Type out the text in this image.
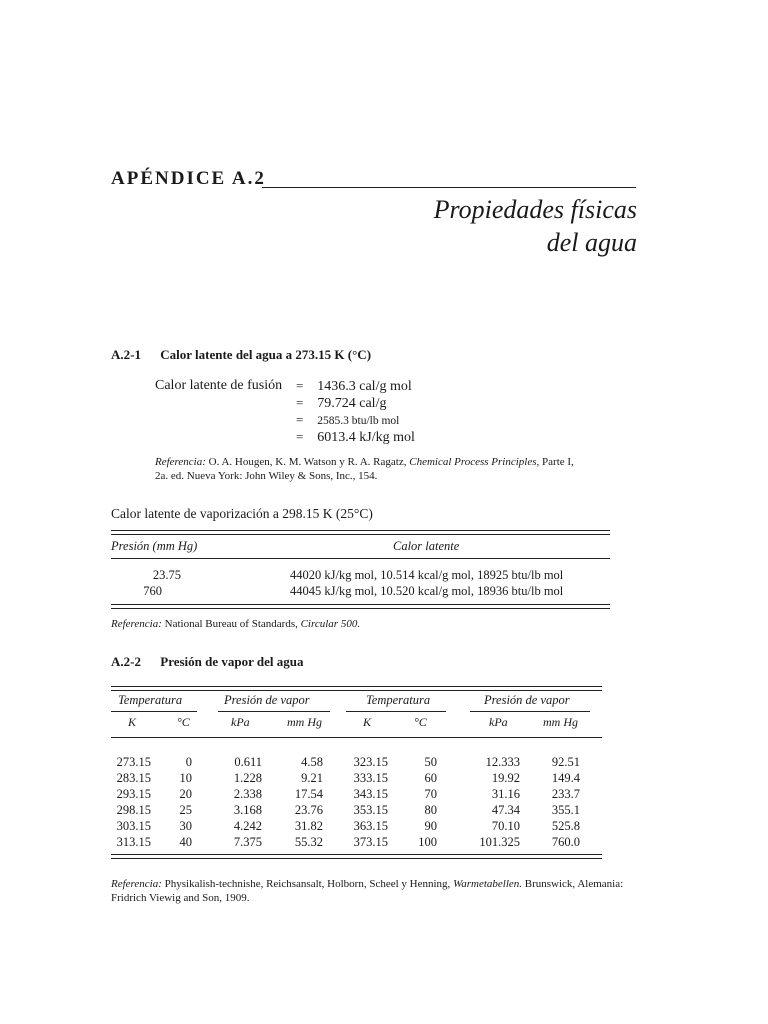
APÉNDICE A.2
Propiedades físicas
del agua
A.2-1 Calor latente del agua a 273.15 K (°C)
Calor latente de fusión = 1436.3 cal/g mol
= 79.724 cal/g
= 2585.3 btu/lb mol
= 6013.4 kJ/kg mol
Referencia: O. A. Hougen, K. M. Watson y R. A. Ragatz, Chemical Process Principles, Parte I,
2a. ed. Nueva York: John Wiley & Sons, Inc., 154.
Calor latente de vaporización a 298.15 K (25°C)
Presión (mm Hg)	Calor latente
23.75	44020 kJ/kg mol, 10.514 kcal/g mol, 18925 btu/lb mol
760	44045 kJ/kg mol, 10.520 kcal/g mol, 18936 btu/lb mol
Referencia: National Bureau of Standards, Circular 500.
A.2-2 Presión de vapor del agua
Temperatura	Presión de vapor	Temperatura	Presión de vapor
K	°C	kPa	mm Hg	K	°C	kPa	mm Hg
273.15	0	0.611	4.58	323.15	50	12.333	92.51
283.15	10	1.228	9.21	333.15	60	19.92	149.4
293.15	20	2.338	17.54	343.15	70	31.16	233.7
298.15	25	3.168	23.76	353.15	80	47.34	355.1
303.15	30	4.242	31.82	363.15	90	70.10	525.8
313.15	40	7.375	55.32	373.15	100	101.325	760.0
Referencia: Physikalish-technishe, Reichsansalt, Holborn, Scheel y Henning, Warmetabellen. Brunswick, Alemania:
Fridrich Viewig and Son, 1909.
